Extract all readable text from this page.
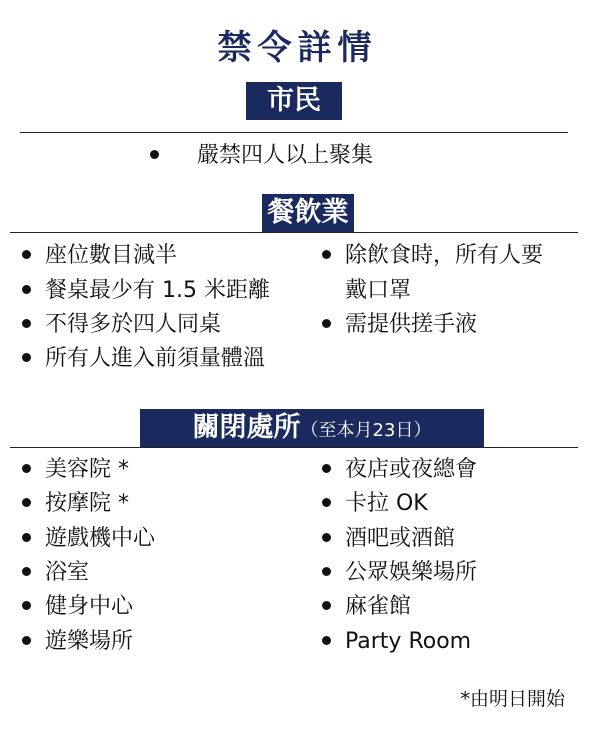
禁令詳情
市民
嚴禁四人以上聚集
餐飲業
座位數目減半
餐桌最少有 1.5 米距離
不得多於四人同桌
所有人進入前須量體溫
除飲食時，所有人要
戴口罩
需提供搓手液
關閉處所（至本月23日）
美容院 *
按摩院 *
遊戲機中心
浴室
健身中心
遊樂場所
夜店或夜總會
卡拉 OK
酒吧或酒館
公眾娛樂場所
麻雀館
Party Room
*由明日開始
